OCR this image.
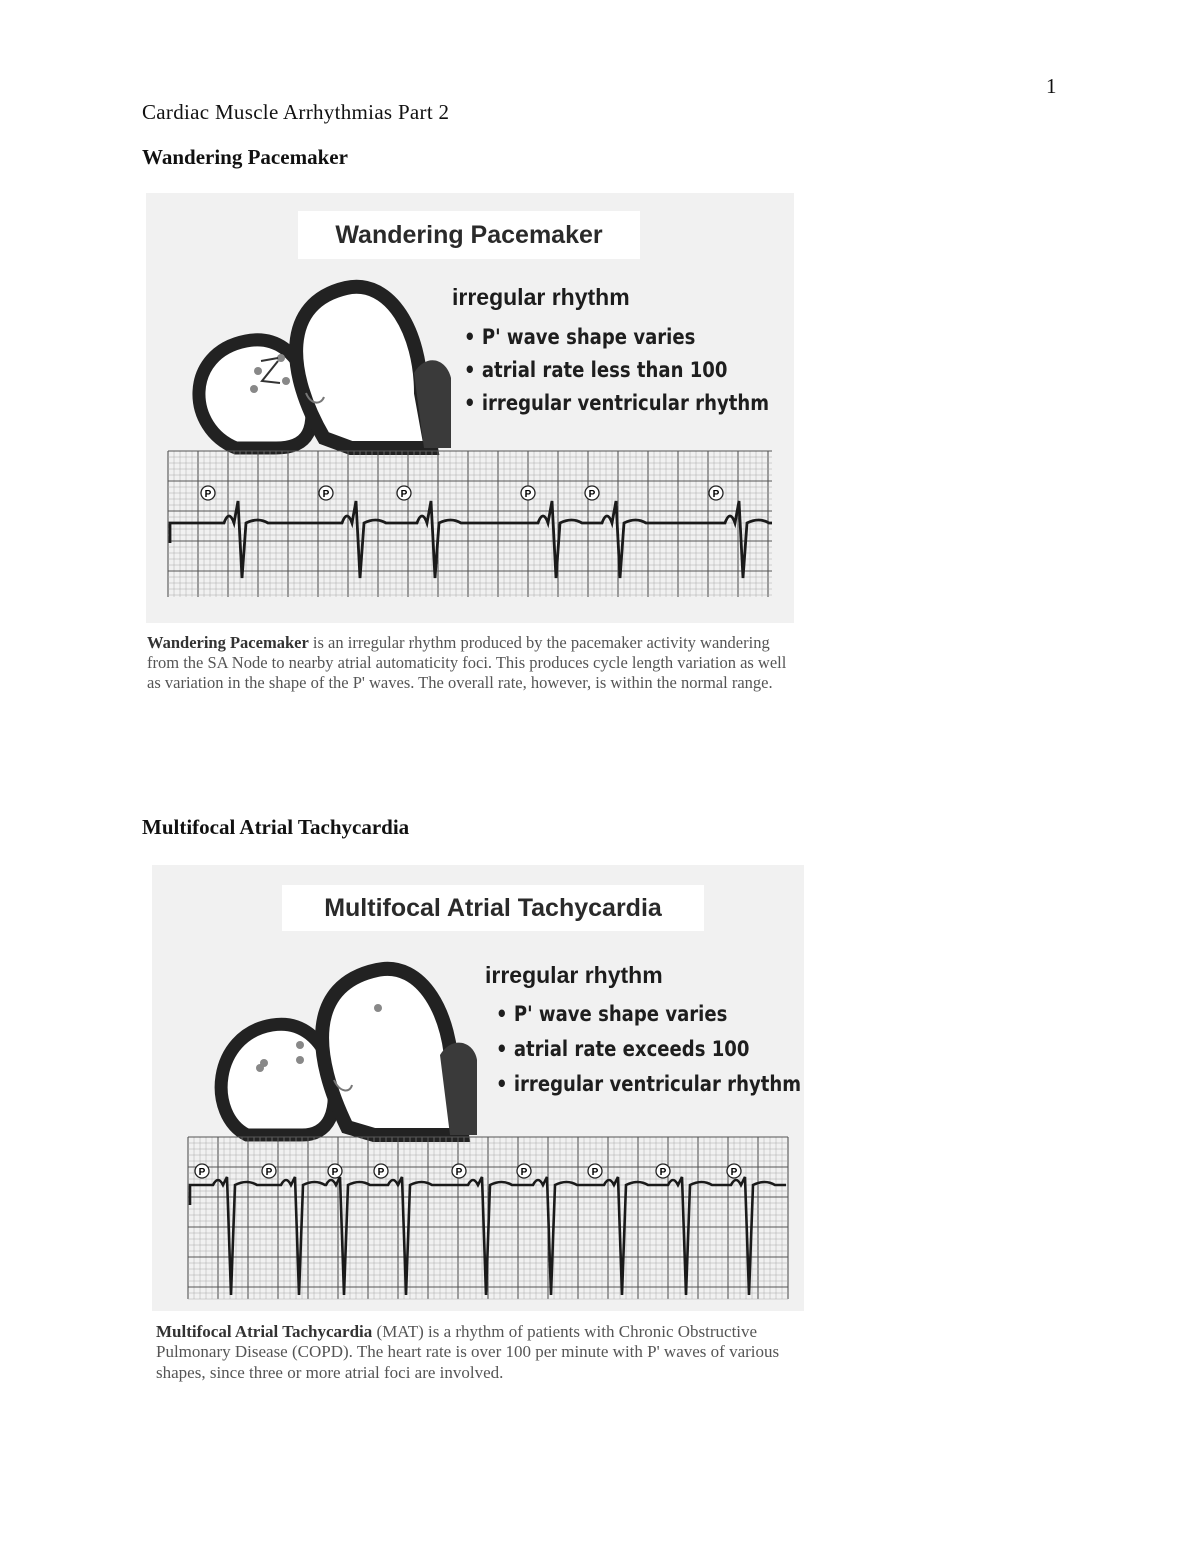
1
Cardiac Muscle Arrhythmias Part 2
Wandering Pacemaker
P	P	P	P	P	P
Wandering Pacemaker
irregular rhythm
• P' wave shape varies
• atrial rate less than 100
• irregular ventricular rhythm

Wandering Pacemaker is an irregular rhythm produced by the pacemaker activity wandering from the SA Node to nearby atrial automaticity foci. This produces cycle length variation as well as variation in the shape of the P' waves. The overall rate, however, is within the normal range.

Multifocal Atrial Tachycardia
P	P	P	P	P	P	P	P	P
Multifocal Atrial Tachycardia
irregular rhythm
• P' wave shape varies
• atrial rate exceeds 100
• irregular ventricular rhythm

Multifocal Atrial Tachycardia (MAT) is a rhythm of patients with Chronic Obstructive Pulmonary Disease (COPD). The heart rate is over 100 per minute with P' waves of various shapes, since three or more atrial foci are involved.
